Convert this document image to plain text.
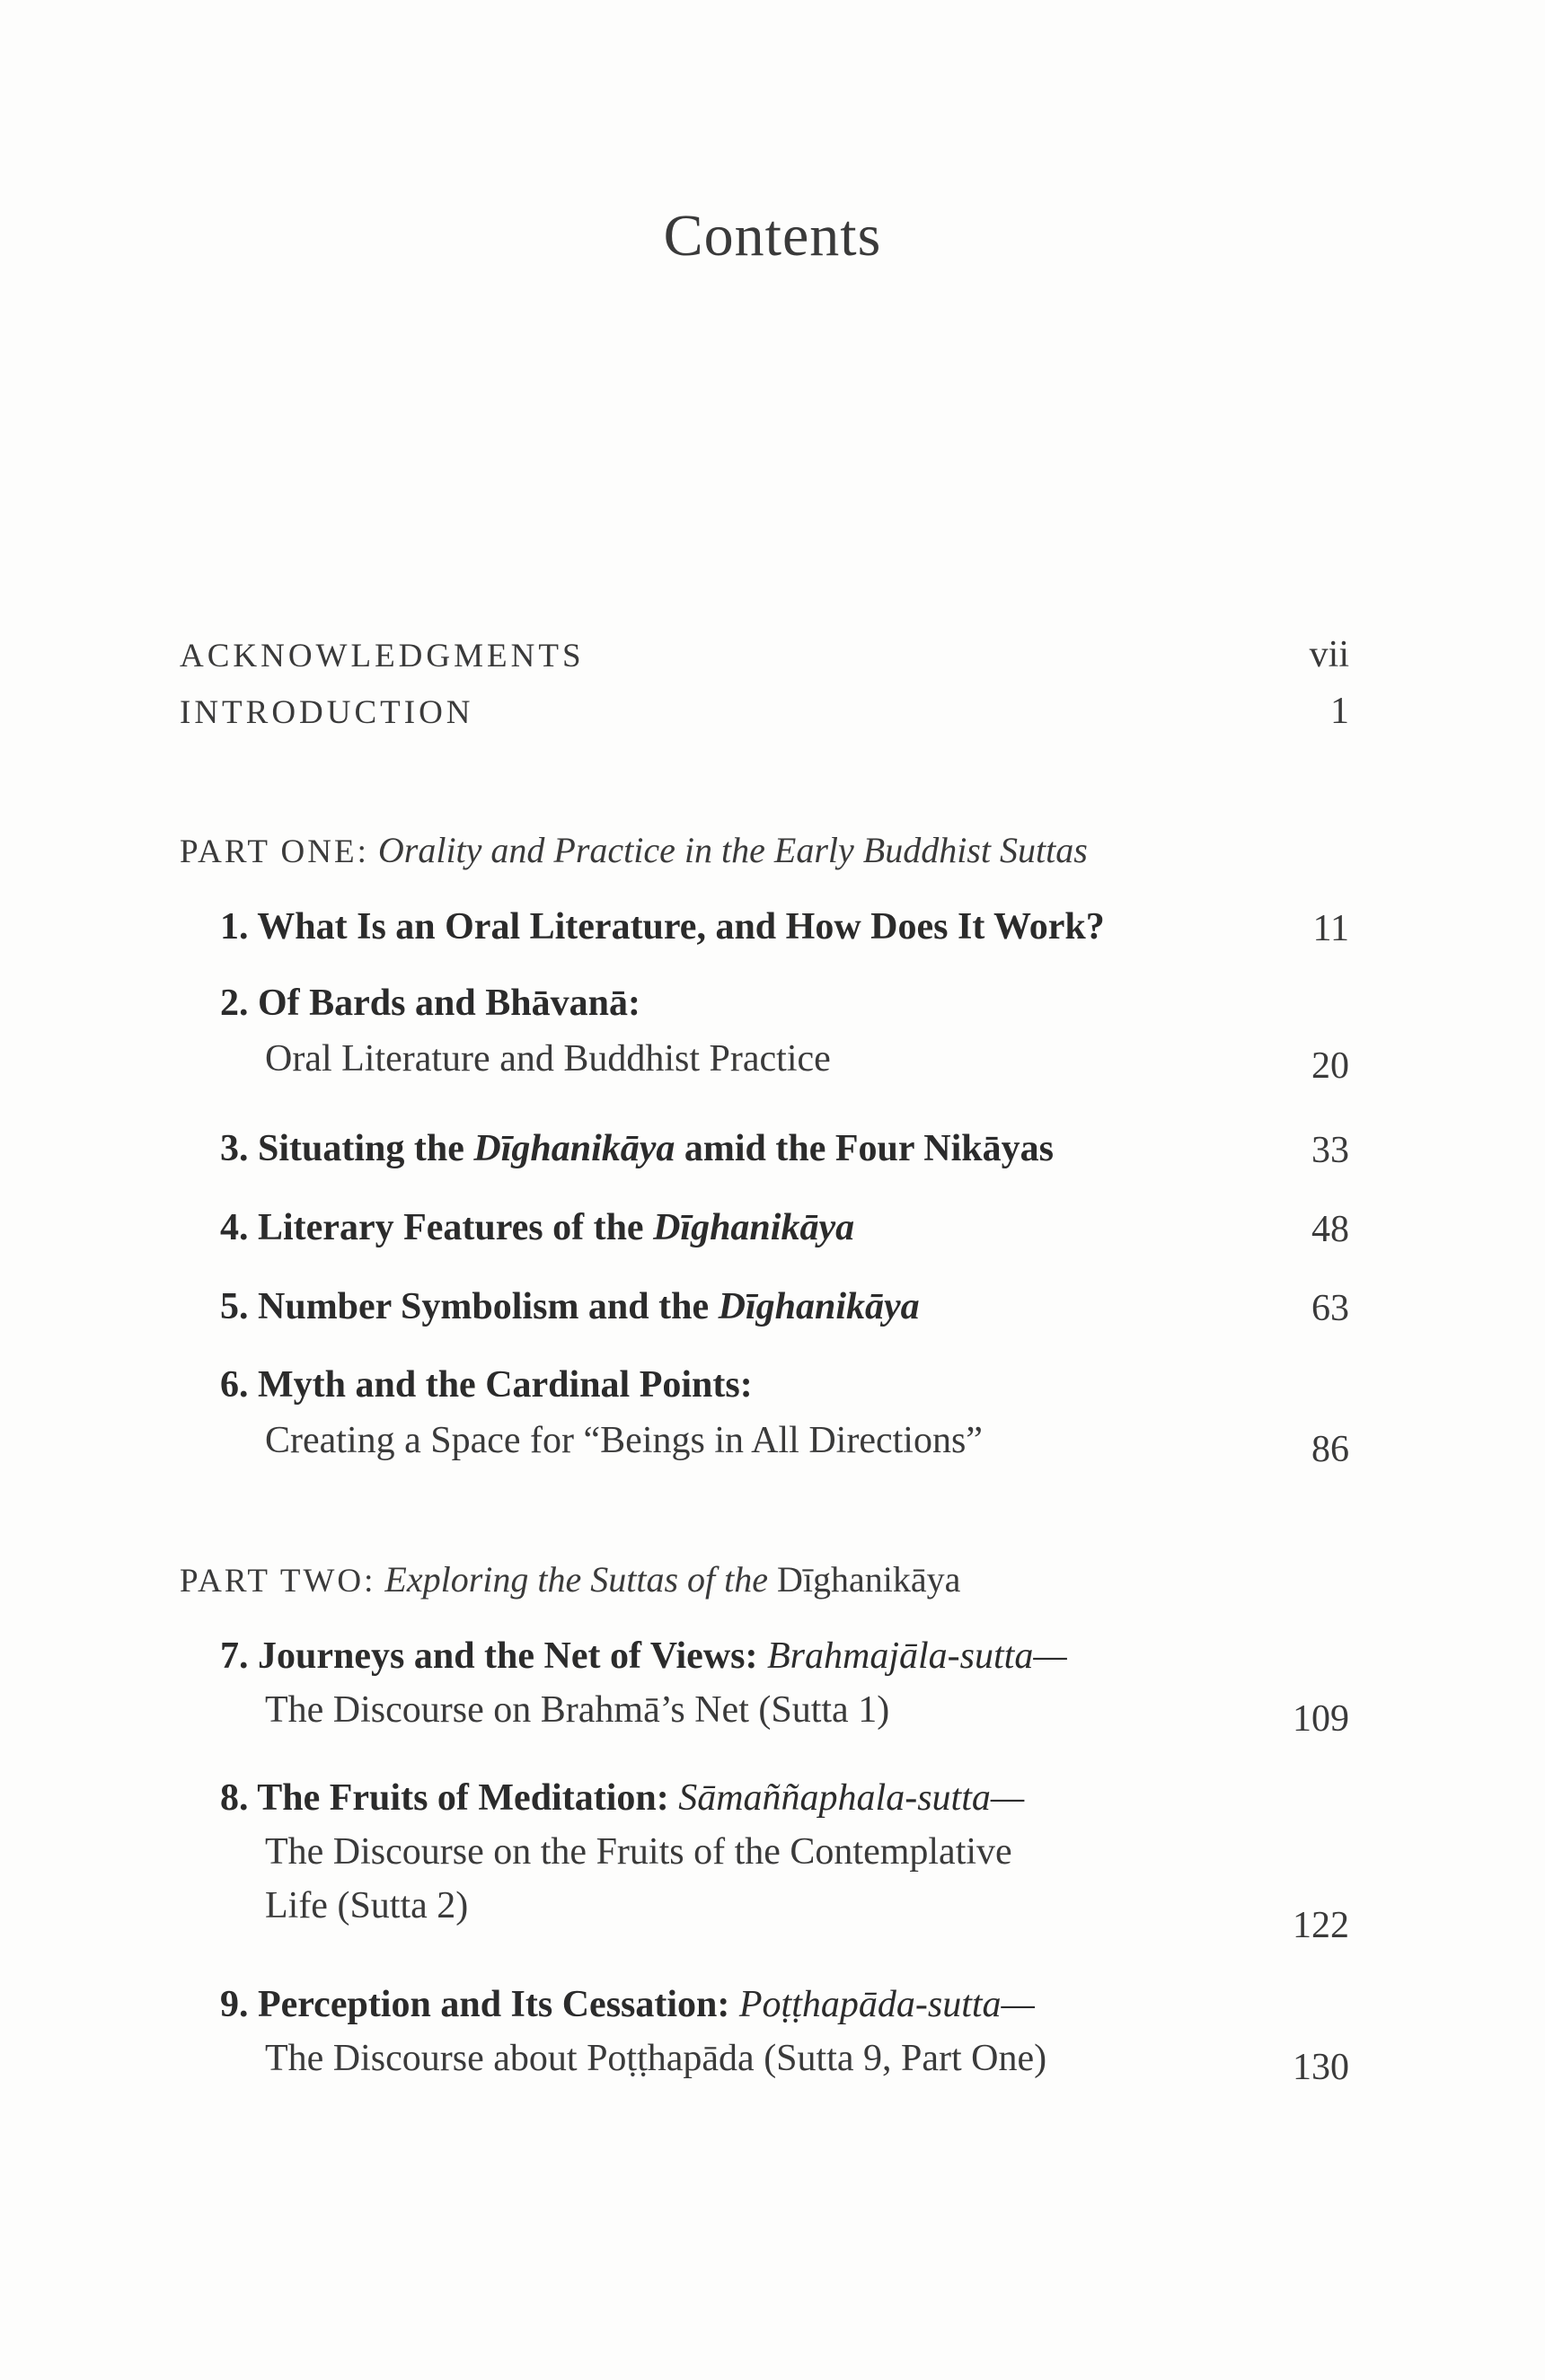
Contents
ACKNOWLEDGMENTS	vii
INTRODUCTION	1
PART ONE: Orality and Practice in the Early Buddhist Suttas
1. What Is an Oral Literature, and How Does It Work?	11
2. Of Bards and Bhāvanā:
Oral Literature and Buddhist Practice	20
3. Situating the Dīghanikāya amid the Four Nikāyas	33
4. Literary Features of the Dīghanikāya	48
5. Number Symbolism and the Dīghanikāya	63
6. Myth and the Cardinal Points:
Creating a Space for “Beings in All Directions”	86
PART TWO: Exploring the Suttas of the Dīghanikāya
7. Journeys and the Net of Views: Brahmajāla-sutta—
The Discourse on Brahmā’s Net (Sutta 1)	109
8. The Fruits of Meditation: Sāmaññaphala-sutta—
The Discourse on the Fruits of the Contemplative
Life (Sutta 2)	122
9. Perception and Its Cessation: Poṭṭhapāda-sutta—
The Discourse about Poṭṭhapāda (Sutta 9, Part One)	130
